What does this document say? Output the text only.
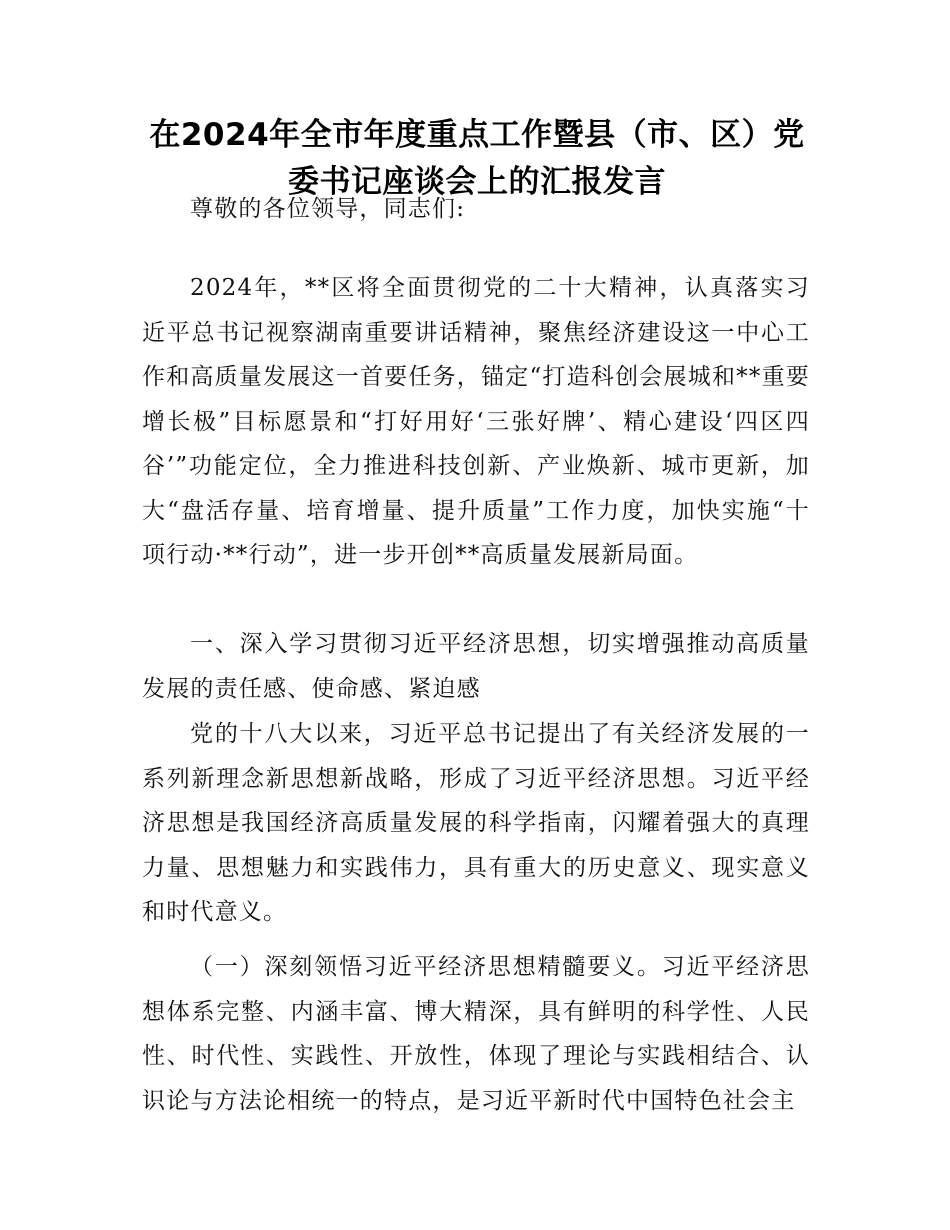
在2024年全市年度重点工作暨县（市、区）党委书记座谈会上的汇报发言
尊敬的各位领导，同志们:
2024年，**区将全面贯彻党的二十大精神，认真落实习近平总书记视察湖南重要讲话精神，聚焦经济建设这一中心工作和高质量发展这一首要任务，锚定“打造科创会展城和**重要增长极”目标愿景和“打好用好‘三张好牌’、精心建设‘四区四谷’”功能定位，全力推进科技创新、产业焕新、城市更新，加大“盘活存量、培育增量、提升质量”工作力度，加快实施“十项行动·**行动”，进一步开创**高质量发展新局面。
一、深入学习贯彻习近平经济思想，切实增强推动高质量发展的责任感、使命感、紧迫感
党的十八大以来，习近平总书记提出了有关经济发展的一系列新理念新思想新战略，形成了习近平经济思想。习近平经济思想是我国经济高质量发展的科学指南，闪耀着强大的真理力量、思想魅力和实践伟力，具有重大的历史意义、现实意义和时代意义。
（一）深刻领悟习近平经济思想精髓要义。习近平经济思想体系完整、内涵丰富、博大精深，具有鲜明的科学性、人民性、时代性、实践性、开放性，体现了理论与实践相结合、认识论与方法论相统一的特点，是习近平新时代中国特色社会主
